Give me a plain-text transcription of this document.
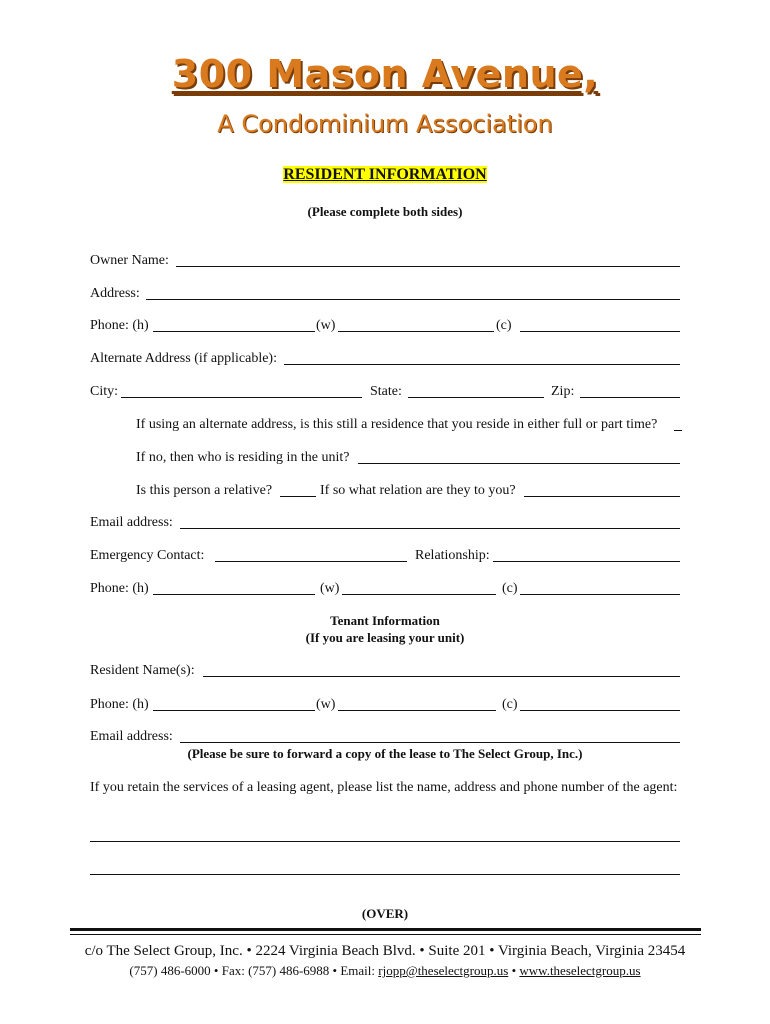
300 Mason Avenue,
A Condominium Association
RESIDENT INFORMATION
(Please complete both sides)
Owner Name:
Address:
Phone: (h)	(w)	(c)
Alternate Address (if applicable):
City:	State:	Zip:
If using an alternate address, is this still a residence that you reside in either full or part time?
If no, then who is residing in the unit?
Is this person a relative?	If so what relation are they to you?
Email address:
Emergency Contact:	Relationship:
Phone: (h)	(w)	(c)
Tenant Information
(If you are leasing your unit)
Resident Name(s):
Phone: (h)	(w)	(c)
Email address:
(Please be sure to forward a copy of the lease to The Select Group, Inc.)
If you retain the services of a leasing agent, please list the name, address and phone number of the agent:
(OVER)
c/o The Select Group, Inc. • 2224 Virginia Beach Blvd. • Suite 201 • Virginia Beach, Virginia 23454
(757) 486-6000 • Fax: (757) 486-6988 • Email: rjopp@theselectgroup.us • www.theselectgroup.us
